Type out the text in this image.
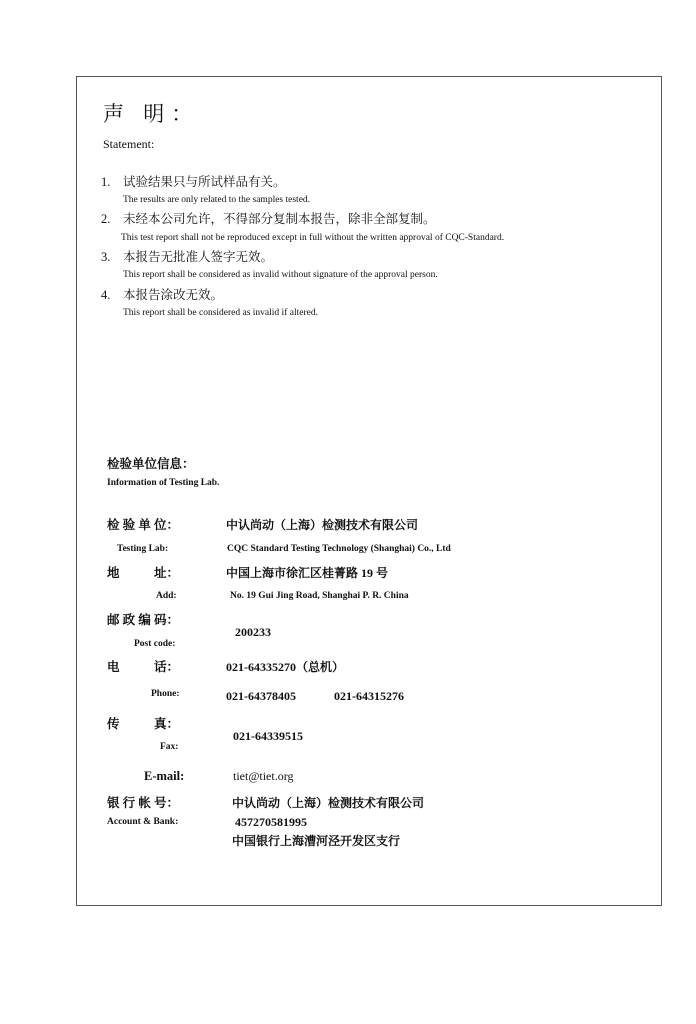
声 明：
Statement:
1. 试验结果只与所试样品有关。
The results are only related to the samples tested.
2. 未经本公司允许，不得部分复制本报告，除非全部复制。
This test report shall not be reproduced except in full without the written approval of CQC-Standard.
3. 本报告无批准人签字无效。
This report shall be considered as invalid without signature of the approval person.
4. 本报告涂改无效。
This report shall be considered as invalid if altered.
检验单位信息：
Information of Testing Lab.
检 验 单 位：	中认尚动（上海）检测技术有限公司
Testing Lab:	CQC Standard Testing Technology (Shanghai) Co., Ltd
地	址：	中国上海市徐汇区桂菁路 19 号
Add:	No. 19 Gui Jing Road, Shanghai P. R. China
邮 政 编 码：
Post code:
200233
电	话：	021-64335270（总机）
Phone:	021-64378405	021-64315276
传	真：
Fax:
021-64339515
E-mail:	tiet@tiet.org
银 行 帐 号：	中认尚动（上海）检测技术有限公司
Account & Bank:	457270581995
中国银行上海漕河泾开发区支行
